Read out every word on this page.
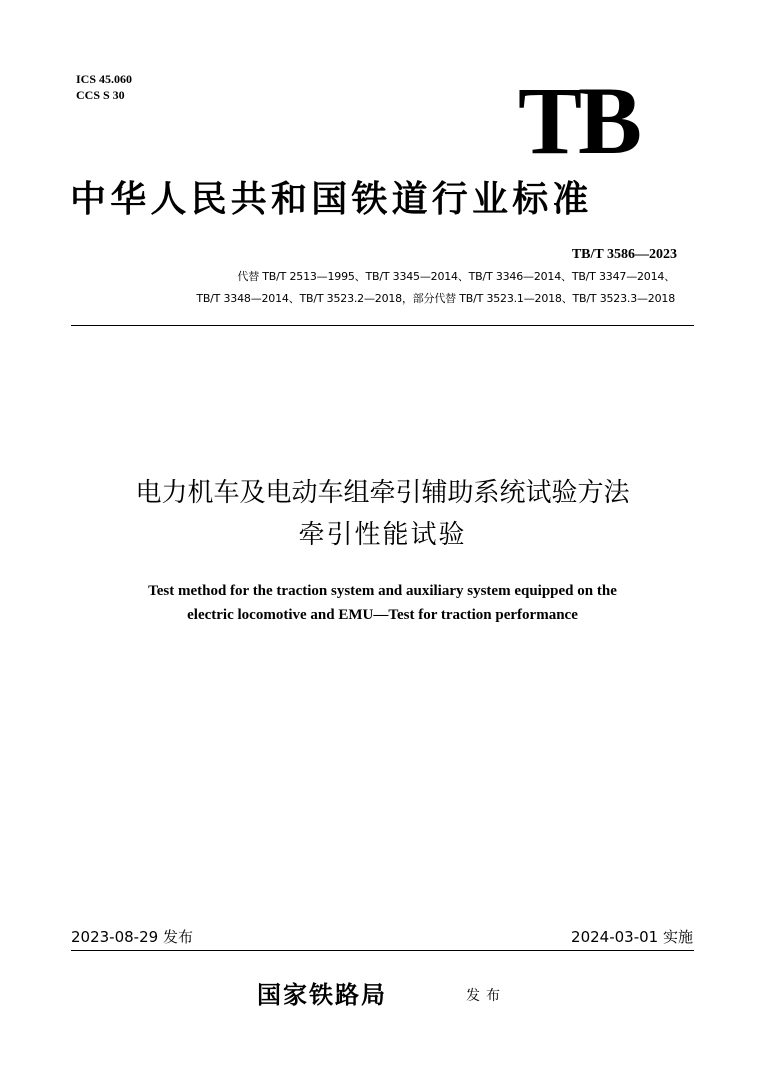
ICS 45.060
CCS S 30	TB
中华人民共和国铁道行业标准
TB/T 3586—2023
代替 TB/T 2513—1995、TB/T 3345—2014、TB/T 3346—2014、TB/T 3347—2014、
TB/T 3348—2014、TB/T 3523.2—2018，部分代替 TB/T 3523.1—2018、TB/T 3523.3—2018
电力机车及电动车组牵引辅助系统试验方法
牵引性能试验
Test method for the traction system and auxiliary system equipped on the
electric locomotive and EMU—Test for traction performance
2023-08-29 发布	2024-03-01 实施
国家铁路局	发布
